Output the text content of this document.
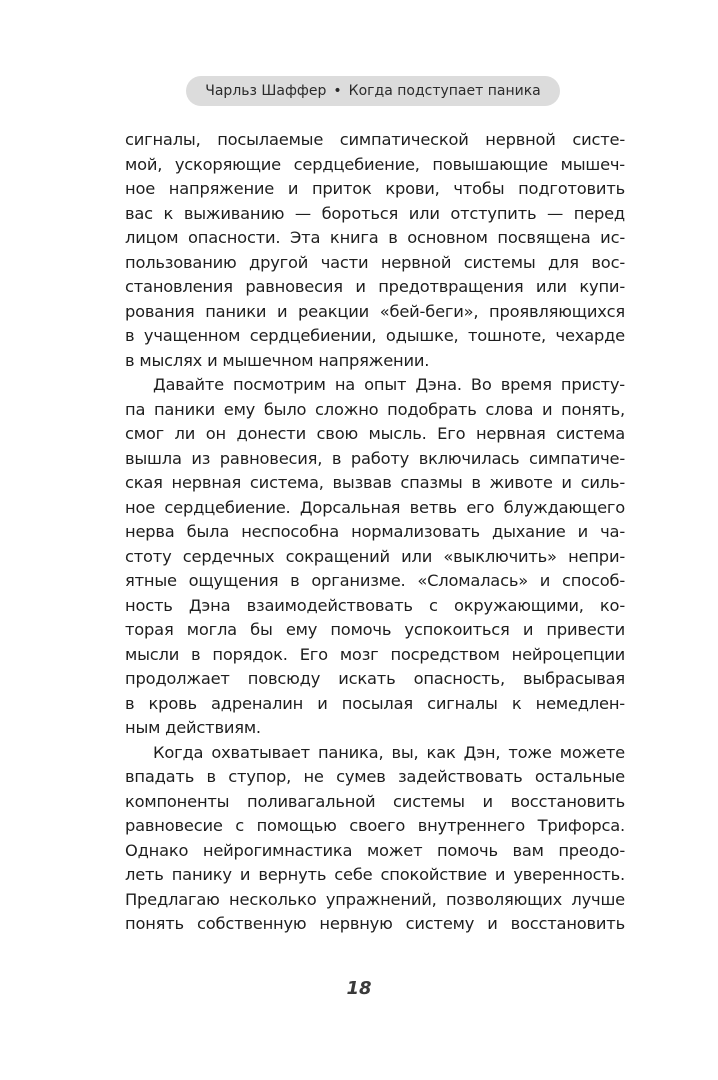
Чарльз Шаффер • Когда подступает паника
сигналы, посылаемые симпатической нервной систе-
мой, ускоряющие сердцебиение, повышающие мышеч-
ное напряжение и приток крови, чтобы подготовить
вас к выживанию — бороться или отступить — перед
лицом опасности. Эта книга в основном посвящена ис-
пользованию другой части нервной системы для вос-
становления равновесия и предотвращения или купи-
рования паники и реакции «бей-беги», проявляющихся
в учащенном сердцебиении, одышке, тошноте, чехарде
в мыслях и мышечном напряжении.
Давайте посмотрим на опыт Дэна. Во время присту-
па паники ему было сложно подобрать слова и понять,
смог ли он донести свою мысль. Его нервная система
вышла из равновесия, в работу включилась симпатиче-
ская нервная система, вызвав спазмы в животе и силь-
ное сердцебиение. Дорсальная ветвь его блуждающего
нерва была неспособна нормализовать дыхание и ча-
стоту сердечных сокращений или «выключить» непри-
ятные ощущения в организме. «Сломалась» и способ-
ность Дэна взаимодействовать с окружающими, ко-
торая могла бы ему помочь успокоиться и привести
мысли в порядок. Его мозг посредством нейроцепции
продолжает повсюду искать опасность, выбрасывая
в кровь адреналин и посылая сигналы к немедлен-
ным действиям.
Когда охватывает паника, вы, как Дэн, тоже можете
впадать в ступор, не сумев задействовать остальные
компоненты поливагальной системы и восстановить
равновесие с помощью своего внутреннего Трифорса.
Однако нейрогимнастика может помочь вам преодо-
леть панику и вернуть себе спокойствие и уверенность.
Предлагаю несколько упражнений, позволяющих лучше
понять собственную нервную систему и восстановить
18
